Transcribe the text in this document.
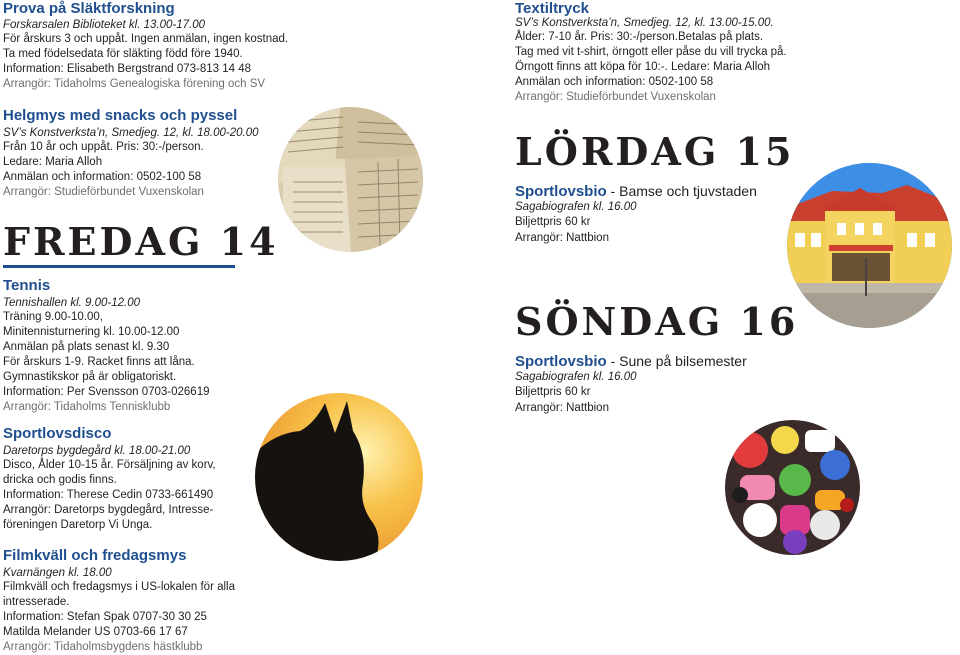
Prova på Släktforskning
Forskarsalen Biblioteket kl. 13.00-17.00
För årskurs 3 och uppåt. Ingen anmälan, ingen kostnad.
Ta med födelsedata för släkting född före 1940.
Information: Elisabeth Bergstrand 073-813 14 48
Arrangör: Tidaholms Genealogiska förening och SV
Helgmys med snacks och pyssel
SV’s Konstverksta’n, Smedjeg. 12, kl. 18.00-20.00
Från 10 år och uppåt. Pris: 30:-/person.
Ledare: Maria Alloh
Anmälan och information: 0502-100 58
Arrangör: Studieförbundet Vuxenskolan
FREDAG 14
Tennis
Tennishallen kl. 9.00-12.00
Träning 9.00-10.00,
Minitennisturnering kl. 10.00-12.00
Anmälan på plats senast kl. 9.30
För årskurs 1-9. Racket finns att låna.
Gymnastikskor på är obligatoriskt.
Information: Per Svensson 0703-026619
Arrangör: Tidaholms Tennisklubb
Sportlovsdisco
Daretorps bygdegård kl. 18.00-21.00
Disco, Ålder 10-15 år. Försäljning av korv,
dricka och godis finns.
Information: Therese Cedin 0733-661490
Arrangör: Daretorps bygdegård, Intresse-
föreningen Daretorp Vi Unga.
Filmkväll och fredagsmys
Kvarnängen kl. 18.00
Filmkväll och fredagsmys i US-lokalen för alla
intresserade.
Information: Stefan Spak 0707-30 30 25
Matilda Melander US 0703-66 17 67
Arrangör: Tidaholmsbygdens hästklubb
Textiltryck
SV’s Konstverksta’n, Smedjeg. 12, kl. 13.00-15.00.
Ålder: 7-10 år. Pris: 30:-/person.Betalas på plats.
Tag med vit t-shirt, örngott eller påse du vill trycka på.
Örngott finns att köpa för 10:-. Ledare: Maria Alloh
Anmälan och information: 0502-100 58
Arrangör: Studieförbundet Vuxenskolan
LÖRDAG 15
Sportlovsbio - Bamse och tjuvstaden
Sagabiografen kl. 16.00
Biljettpris 60 kr
Arrangör: Nattbion
SÖNDAG 16
Sportlovsbio - Sune på bilsemester
Sagabiografen kl. 16.00
Biljettpris 60 kr
Arrangör: Nattbion
